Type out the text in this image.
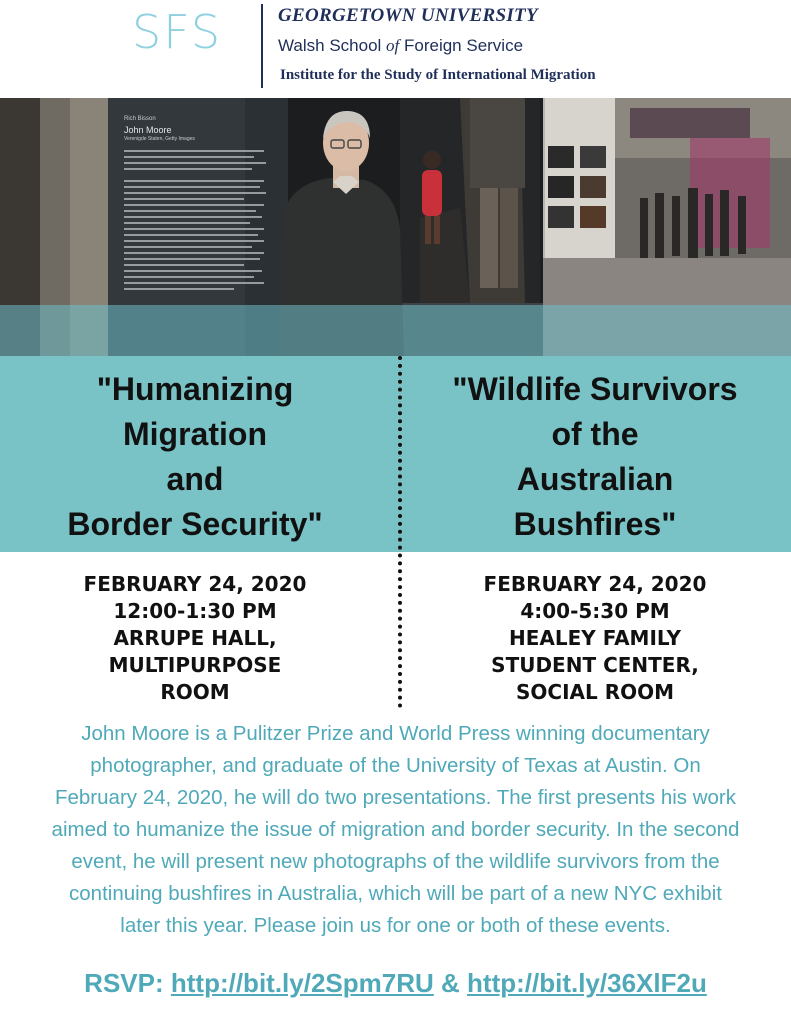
SFS	GEORGETOWN UNIVERSITY
Walsh School of Foreign Service
Institute for the Study of International Migration
Rich Bisson
John Moore
Verenigde Staten, Getty Images
"Humanizing
Migration
and
Border Security"
"Wildlife Survivors
of the
Australian
Bushfires"
FEBRUARY 24, 2020
12:00-1:30 PM
ARRUPE HALL,
MULTIPURPOSE
ROOM
FEBRUARY 24, 2020
4:00-5:30 PM
HEALEY FAMILY
STUDENT CENTER,
SOCIAL ROOM
John Moore is a Pulitzer Prize and World Press winning documentary
photographer, and graduate of the University of Texas at Austin. On
February 24, 2020, he will do two presentations. The first presents his work
aimed to humanize the issue of migration and border security. In the second
event, he will present new photographs of the wildlife survivors from the
continuing bushfires in Australia, which will be part of a new NYC exhibit
later this year. Please join us for one or both of these events.
RSVP: http://bit.ly/2Spm7RU & http://bit.ly/36XlF2u
